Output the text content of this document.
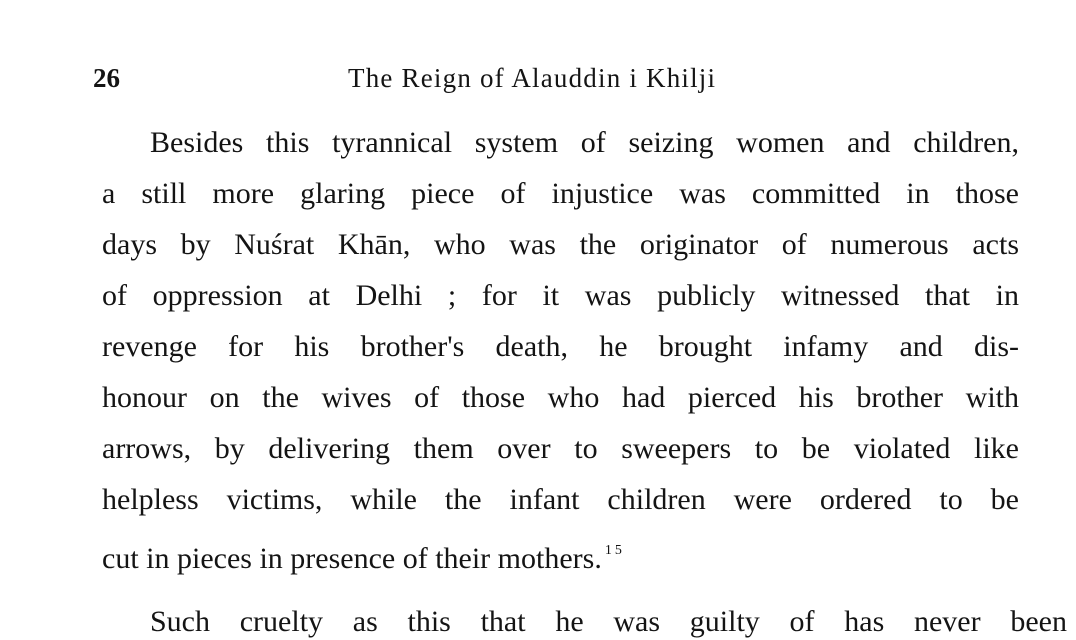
26	The Reign of Alauddin i Khilji
Besides this tyrannical system of seizing women and children,
a still more glaring piece of injustice was committed in those
days by Nuśrat Khān, who was the originator of numerous acts
of oppression at Delhi ; for it was publicly witnessed that in
revenge for his brother's death, he brought infamy and dis-
honour on the wives of those who had pierced his brother with
arrows, by delivering them over to sweepers to be violated like
helpless victims, while the infant children were ordered to be
cut in pieces in presence of their mothers. $^{15}$
Such cruelty as this that he was guilty of has never been
